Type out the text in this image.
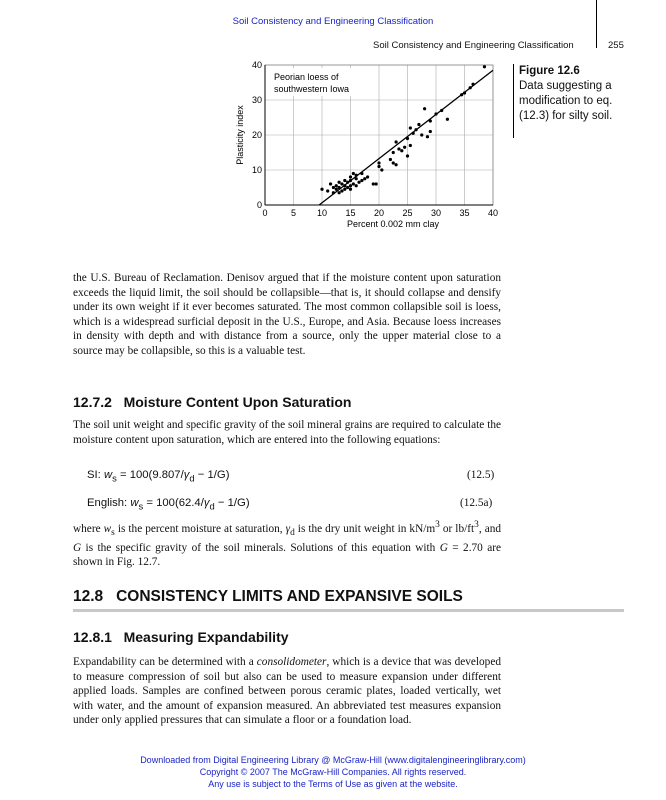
Soil Consistency and Engineering Classification
Soil Consistency and Engineering Classification	255
0	5 10 15 20 25 30 35 40
0
10
20
30
40
Peorian loess of
southwestern Iowa
Percent 0.002 mm clay
Plasticity index
Figure 12.6
Data suggesting a modification to eq. (12.3) for silty soil.

the U.S. Bureau of Reclamation. Denisov argued that if the moisture content upon saturation exceeds the liquid limit, the soil should be collapsible—that is, it should collapse and densify under its own weight if it ever becomes saturated. The most common collapsible soil is loess, which is a widespread surficial deposit in the U.S., Europe, and Asia. Because loess increases in density with depth and with distance from a source, only the upper material close to a source may be collapsible, so this is a valuable test.

12.7.2   Moisture Content Upon Saturation

The soil unit weight and specific gravity of the soil mineral grains are required to calculate the moisture content upon saturation, which are entered into the following equations:

SI: $w_s = 100(9.807/\gamma_d - 1/G)$	(12.5)
English: $w_s = 100(62.4/\gamma_d - 1/G)$	(12.5a)

where $w_s$ is the percent moisture at saturation, $\gamma_d$ is the dry unit weight in $kN/m^3$ or $lb/ft^3$, and G is the specific gravity of the soil minerals. Solutions of this equation with G = 2.70 are shown in Fig. 12.7.

12.8   CONSISTENCY LIMITS AND EXPANSIVE SOILS
12.8.1   Measuring Expandability

Expandability can be determined with a consolidometer, which is a device that was developed to measure compression of soil but also can be used to measure expansion under different applied loads. Samples are confined between porous ceramic plates, loaded vertically, wet with water, and the amount of expansion measured. An abbreviated test measures expansion under only applied pressures that can simulate a floor or a foundation load.

Downloaded from Digital Engineering Library @ McGraw-Hill (www.digitalengineeringlibrary.com)
Copyright © 2007 The McGraw-Hill Companies. All rights reserved.
Any use is subject to the Terms of Use as given at the website.
